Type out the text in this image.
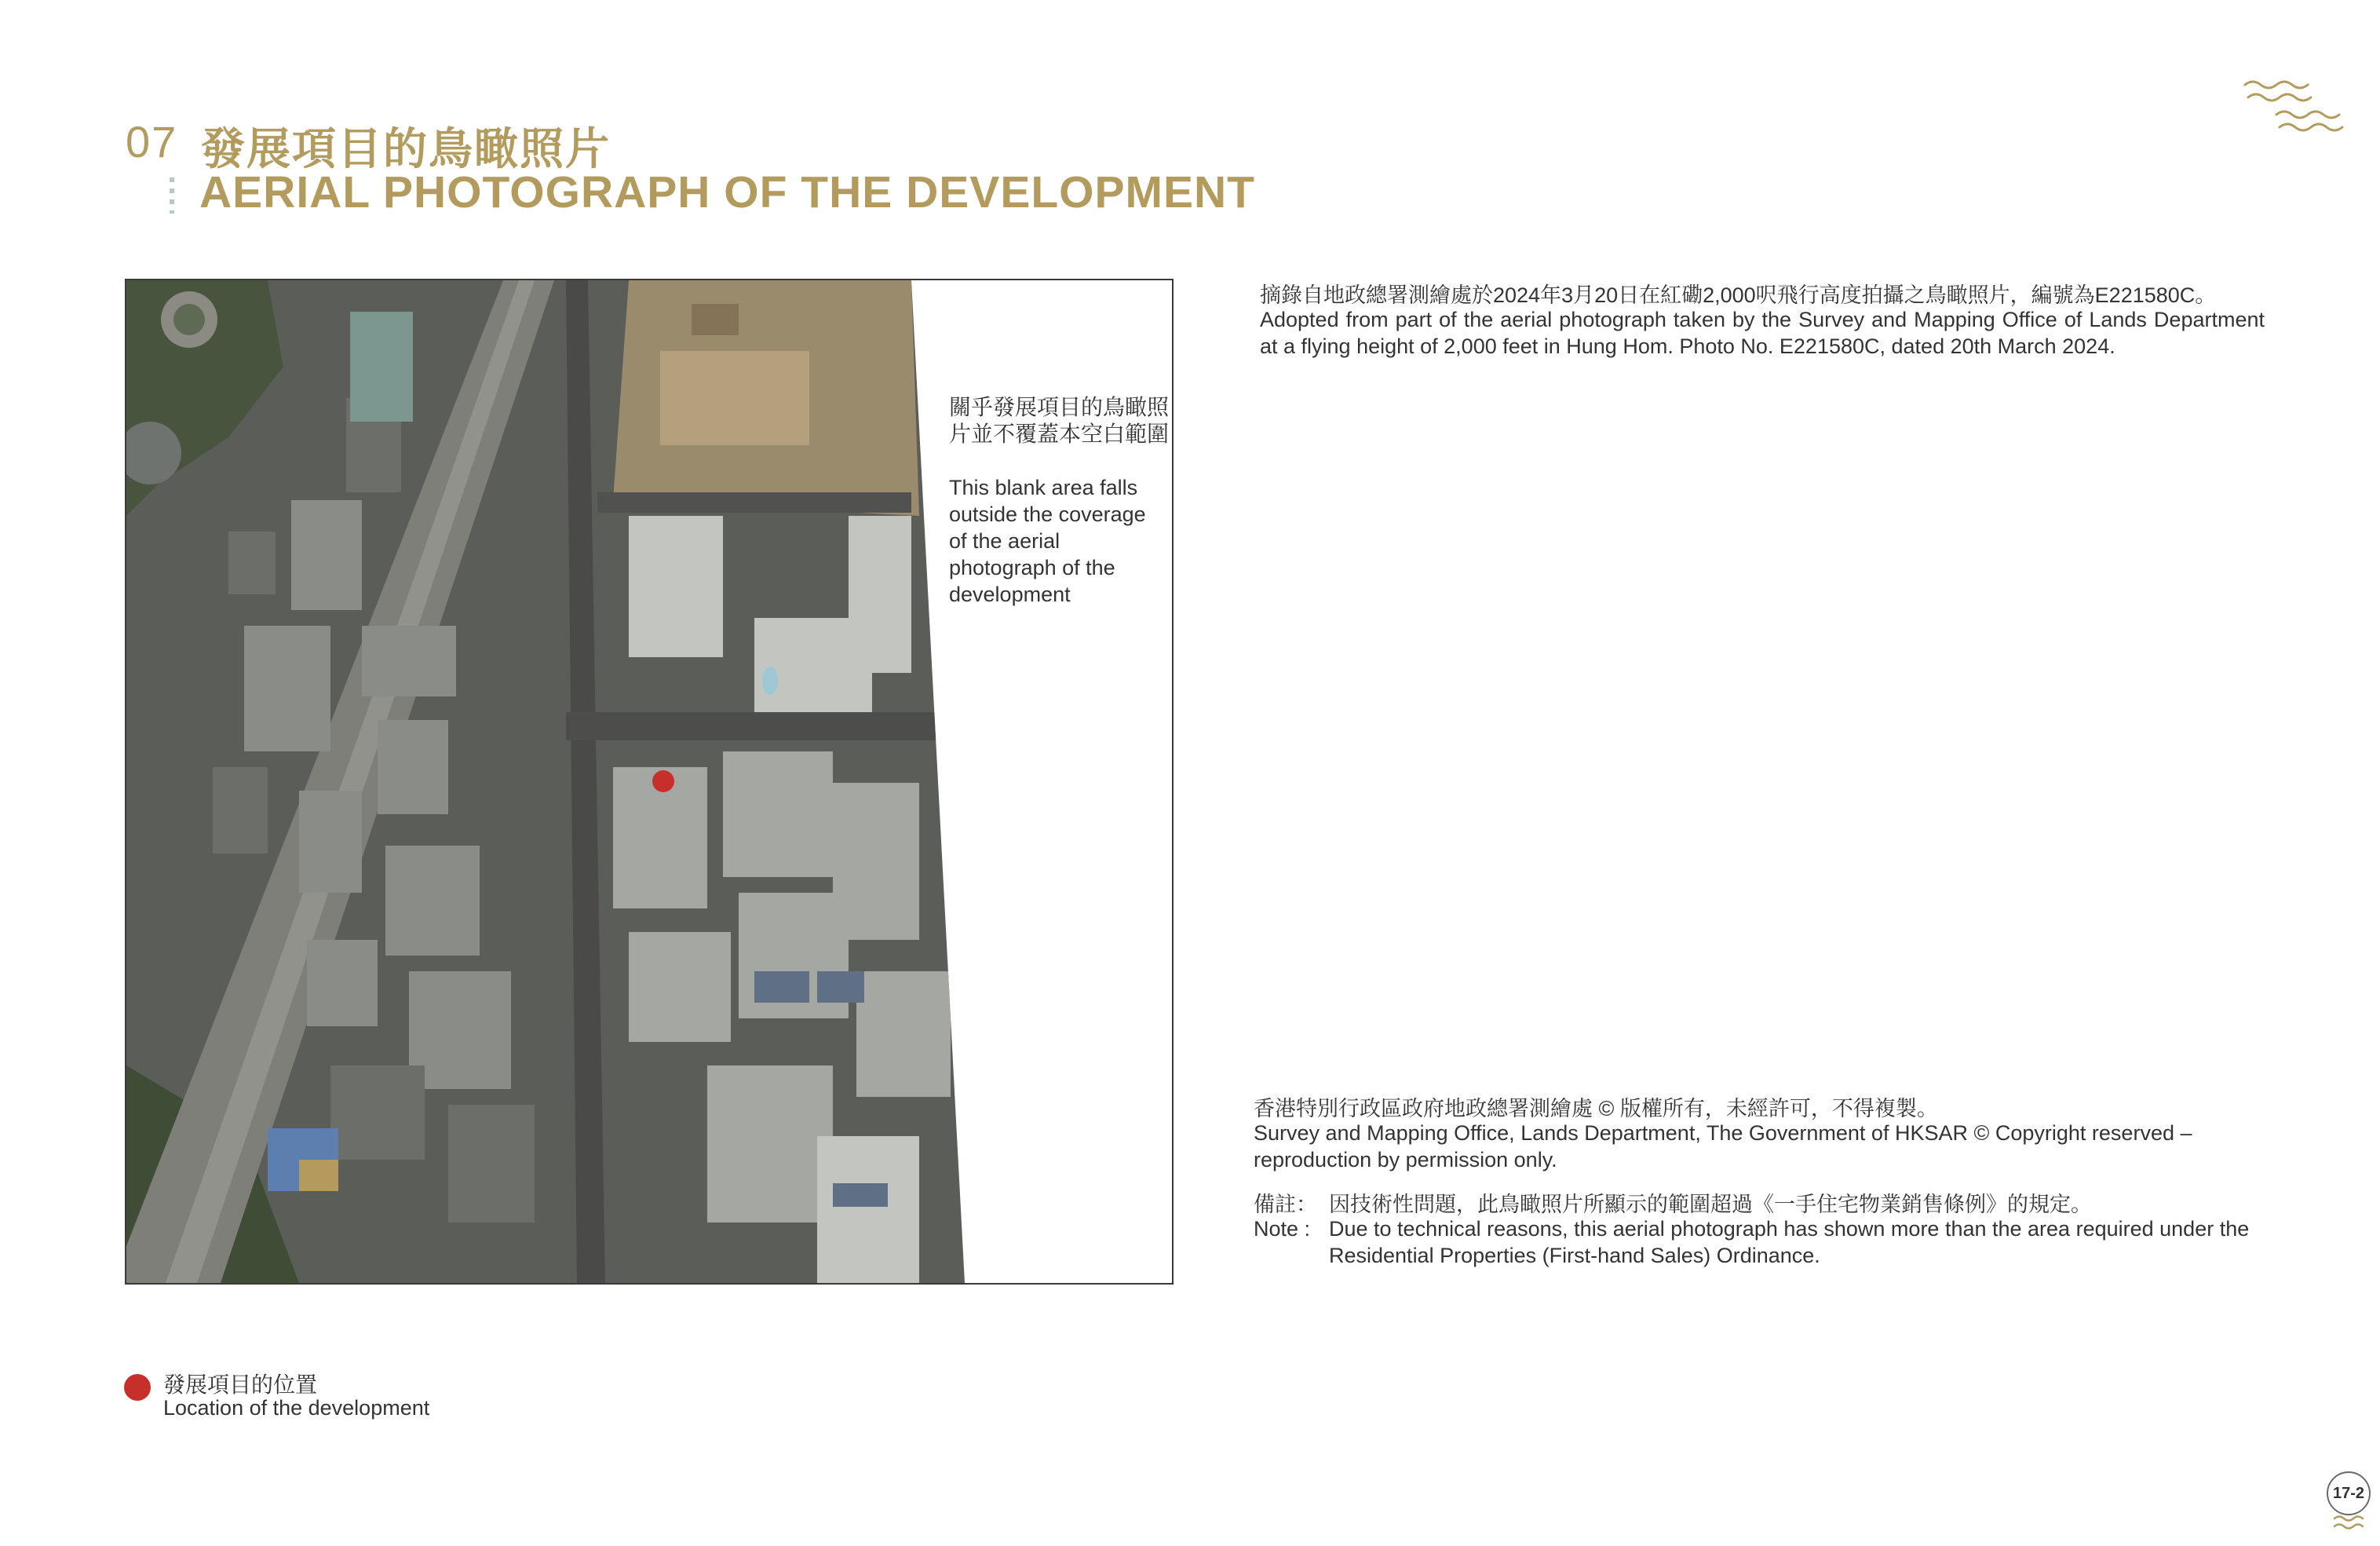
07 發展項目的鳥瞰照片
AERIAL PHOTOGRAPH OF THE DEVELOPMENT
關乎發展項目的鳥瞰照片並不覆蓋本空白範圍
This blank area falls outside the coverage of the aerial photograph of the development
摘錄自地政總署測繪處於2024年3月20日在紅磡2,000呎飛行高度拍攝之鳥瞰照片，編號為E221580C。
Adopted from part of the aerial photograph taken by the Survey and Mapping Office of Lands Department at a flying height of 2,000 feet in Hung Hom. Photo No. E221580C, dated 20th March 2024.
香港特別行政區政府地政總署測繪處 © 版權所有，未經許可，不得複製。
Survey and Mapping Office, Lands Department, The Government of HKSAR © Copyright reserved – reproduction by permission only.
備註： 因技術性問題，此鳥瞰照片所顯示的範圍超過《一手住宅物業銷售條例》的規定。
Note : Due to technical reasons, this aerial photograph has shown more than the area required under the Residential Properties (First-hand Sales) Ordinance.
發展項目的位置
Location of the development
17-2
